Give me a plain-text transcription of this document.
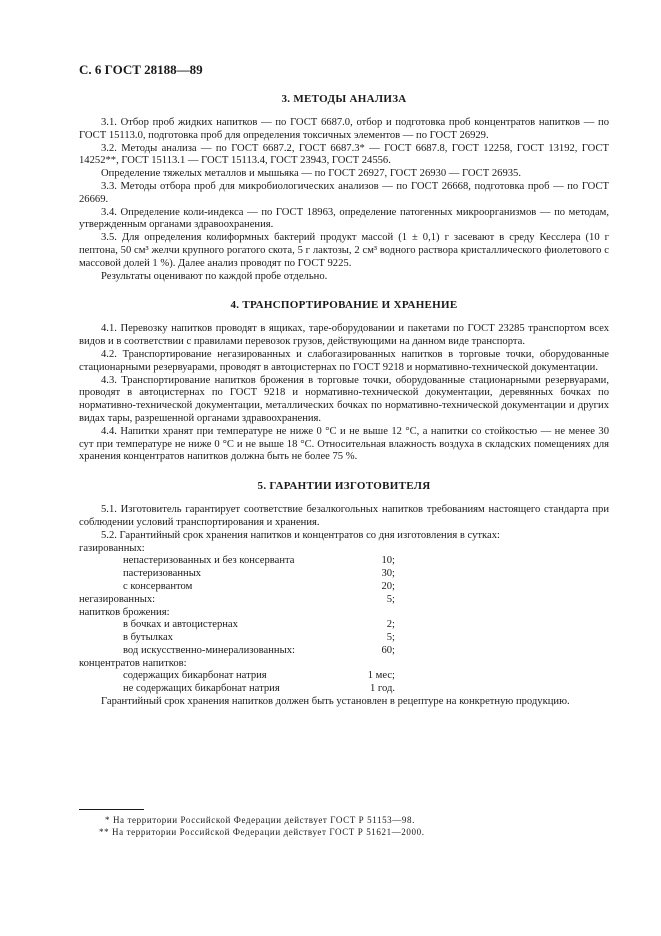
С. 6 ГОСТ 28188—89
3. МЕТОДЫ АНАЛИЗА

3.1. Отбор проб жидких напитков — по ГОСТ 6687.0, отбор и подготовка проб концентратов напитков — по ГОСТ 15113.0, подготовка проб для определения токсичных элементов — по ГОСТ 26929.

3.2. Методы анализа — по ГОСТ 6687.2, ГОСТ 6687.3* — ГОСТ 6687.8, ГОСТ 12258, ГОСТ 13192, ГОСТ 14252**, ГОСТ 15113.1 — ГОСТ 15113.4, ГОСТ 23943, ГОСТ 24556.

Определение тяжелых металлов и мышьяка — по ГОСТ 26927, ГОСТ 26930 — ГОСТ 26935.

3.3. Методы отбора проб для микробиологических анализов — по ГОСТ 26668, подготовка проб — по ГОСТ 26669.

3.4. Определение коли-индекса — по ГОСТ 18963, определение патогенных микроорганизмов — по методам, утвержденным органами здравоохранения.

3.5. Для определения колиформных бактерий продукт массой (1 ± 0,1) г засевают в среду Кесслера (10 г пептона, 50 см³ желчи крупного рогатого скота, 5 г лактозы, 2 см³ водного раствора кристаллического фиолетового с массовой долей 1 %). Далее анализ проводят по ГОСТ 9225.

Результаты оценивают по каждой пробе отдельно.

4. ТРАНСПОРТИРОВАНИЕ И ХРАНЕНИЕ

4.1. Перевозку напитков проводят в ящиках, таре-оборудовании и пакетами по ГОСТ 23285 транспортом всех видов и в соответствии с правилами перевозок грузов, действующими на данном виде транспорта.

4.2. Транспортирование негазированных и слабогазированных напитков в торговые точки, оборудованные стационарными резервуарами, проводят в автоцистернах по ГОСТ 9218 и нормативно-технической документации.

4.3. Транспортирование напитков брожения в торговые точки, оборудованные стационарными резервуарами, проводят в автоцистернах по ГОСТ 9218 и нормативно-технической документации, деревянных бочках по нормативно-технической документации, металлических бочках по нормативно-технической документации и других видах тары, разрешенной органами здравоохранения.

4.4. Напитки хранят при температуре не ниже 0 °С и не выше 12 °С, а напитки со стойкостью — не менее 30 сут при температуре не ниже 0 °С и не выше 18 °С. Относительная влажность воздуха в складских помещениях для хранения концентратов напитков должна быть не более 75 %.

5. ГАРАНТИИ ИЗГОТОВИТЕЛЯ

5.1. Изготовитель гарантирует соответствие безалкогольных напитков требованиям настоящего стандарта при соблюдении условий транспортирования и хранения.

5.2. Гарантийный срок хранения напитков и концентратов со дня изготовления в сутках:

газированных:
непастеризованных и без консерванта	10;
пастеризованных	30;
с консервантом	20;
негазированных:	5;
напитков брожения:
в бочках и автоцистернах	2;
в бутылках	5;
вод искусственно-минерализованных:	60;
концентратов напитков:
содержащих бикарбонат натрия	1 мес;
не содержащих бикарбонат натрия	1 год.

Гарантийный срок хранения напитков должен быть установлен в рецептуре на конкретную продукцию.

* На территории Российской Федерации действует ГОСТ Р 51153—98.
** На территории Российской Федерации действует ГОСТ Р 51621—2000.
